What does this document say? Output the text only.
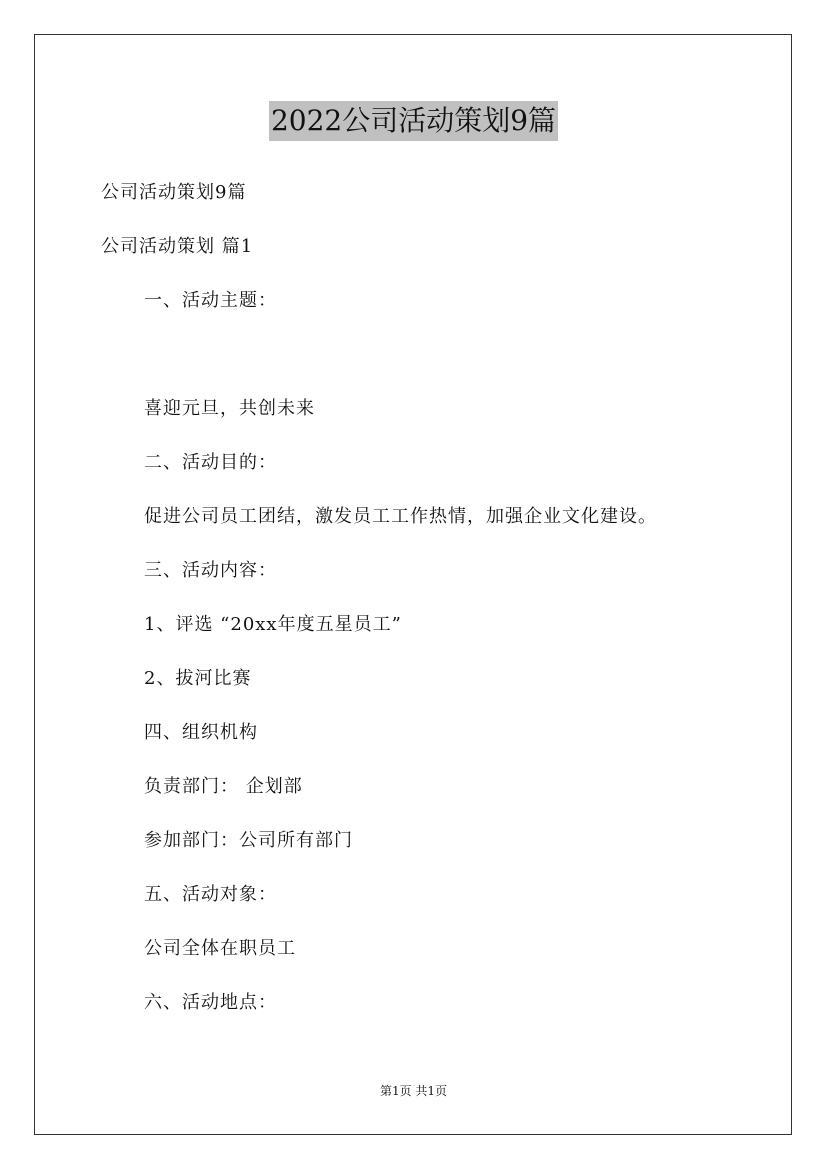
2022公司活动策划9篇

公司活动策划9篇

公司活动策划 篇1

一、活动主题：

喜迎元旦，共创未来

二、活动目的：

促进公司员工团结，激发员工工作热情，加强企业文化建设。

三、活动内容：

1、评选 “20xx年度五星员工”

2、拔河比赛

四、组织机构

负责部门： 企划部

参加部门：公司所有部门

五、活动对象：

公司全体在职员工

六、活动地点：

第1页 共1页
